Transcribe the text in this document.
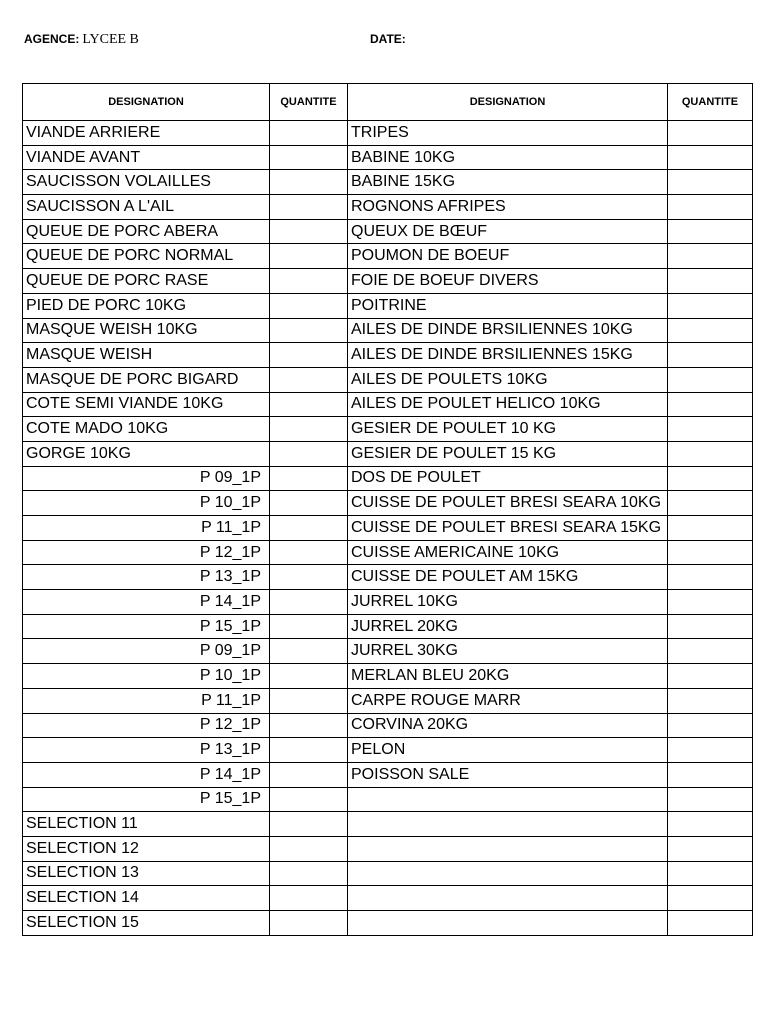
AGENCE: LYCEE B	DATE:
DESIGNATION	QUANTITE	DESIGNATION	QUANTITE
VIANDE ARRIERE		TRIPES	
VIANDE AVANT		BABINE 10KG	
SAUCISSON VOLAILLES		BABINE 15KG	
SAUCISSON A L'AIL		ROGNONS AFRIPES	
QUEUE DE PORC ABERA		QUEUX DE BŒUF	
QUEUE DE PORC NORMAL		POUMON DE BOEUF	
QUEUE DE PORC RASE		FOIE DE BOEUF DIVERS	
PIED DE PORC 10KG		POITRINE	
MASQUE WEISH 10KG		AILES DE DINDE BRSILIENNES 10KG	
MASQUE WEISH		AILES DE DINDE BRSILIENNES 15KG	
MASQUE DE PORC BIGARD		AILES DE POULETS 10KG	
COTE SEMI VIANDE 10KG		AILES DE POULET HELICO 10KG	
COTE MADO 10KG		GESIER DE POULET 10 KG	
GORGE 10KG		GESIER DE POULET 15 KG	
P 09_1P		DOS DE POULET	
P 10_1P		CUISSE DE POULET BRESI SEARA 10KG	
P 11_1P		CUISSE DE POULET BRESI SEARA 15KG	
P 12_1P		CUISSE AMERICAINE 10KG	
P 13_1P		CUISSE DE POULET AM 15KG	
P 14_1P		JURREL 10KG	
P 15_1P		JURREL 20KG	
P 09_1P		JURREL 30KG	
P 10_1P		MERLAN BLEU 20KG	
P 11_1P		CARPE ROUGE MARR	
P 12_1P		CORVINA 20KG	
P 13_1P		PELON	
P 14_1P		POISSON SALE	
P 15_1P			
SELECTION 11			
SELECTION 12			
SELECTION 13			
SELECTION 14			
SELECTION 15			
